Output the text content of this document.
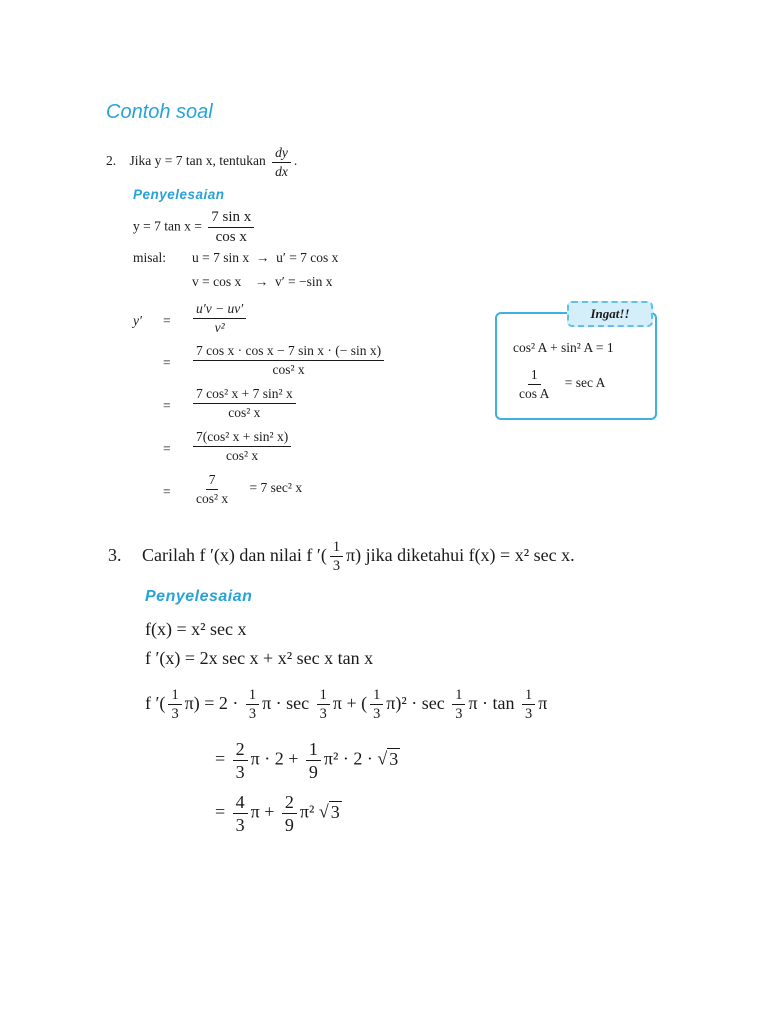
Contoh soal
2. Jika y = 7 tan x, tentukan $\frac{dy}{dx}$ .
Penyelesaian
y = 7 $\tan x = \frac{\text{7 sin x}}{\text{cos x}}$
misal: u = 7 sin x  →  u′ = 7 cos x
v = cos x    →  v′ = −sin x
$y' = \frac{u'v - uv'}{\text{v²}}$
= $\frac{\text{7 cos x · cos x − 7 sin x · (− sin x)}}{\text{cos² x}}$
= $\frac{\text{7 cos² x + 7 sin² x}}{\text{cos² x}}$
= $\frac{\text{7(cos² x + sin² x)}}{\text{cos² x}}$
= $\frac{7}{\text{cos² x}} = 7$ sec² x
Ingat!!
cos² A + sin² A = 1
$\frac{1}{\text{cos A}} = \sec A$
3. Carilah f ′(x) dan nilai f ′( $\frac{1}{3} \pi$) jika diketahui f(x) = x² sec x.
Penyelesaian
f(x) = x² sec x
f ′(x) = 2x sec x + x² sec x tan x
f ′( $\frac{1}{3} \pi) = 2 \cdot \frac{1}{3}$ $\pi \cdot \sec \frac{1}{3}$ π + ( $\frac{1}{3} \pi)^2 \cdot \sec \frac{1}{3}$ $\pi \cdot \tan \frac{1}{3}$ π
= $\frac{2}{3}$ $\pi \cdot 2 + \frac{1}{9} \pi^2 \cdot 2$ · √ 3
= $\frac{4}{3}$ $\pi + \frac{2}{9} \pi^2$ √ 3
